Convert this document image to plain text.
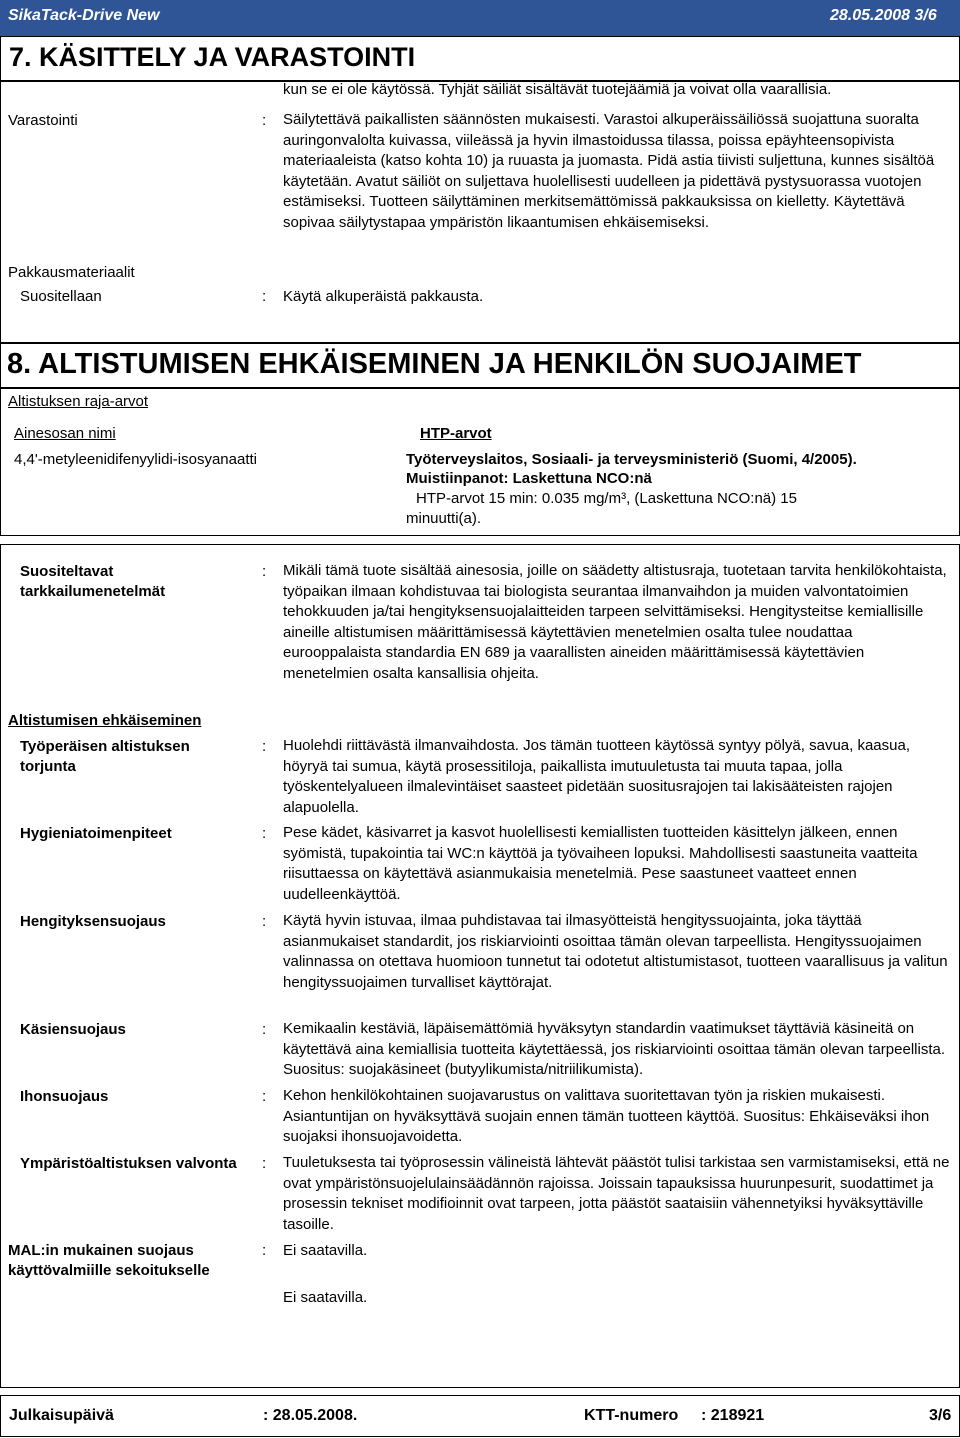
SikaTack-Drive New	28.05.2008 3/6
7. KÄSITTELY JA VARASTOINTI
kun se ei ole käytössä. Tyhjät säiliät sisältävät tuotejäämiä ja voivat olla vaarallisia.
Varastointi	: Säilytettävä paikallisten säännösten mukaisesti. Varastoi alkuperäissäiliössä suojattuna suoralta auringonvalolta kuivassa, viileässä ja hyvin ilmastoidussa tilassa, poissa epäyhteensopivista materiaaleista (katso kohta 10) ja ruuasta ja juomasta. Pidä astia tiivisti suljettuna, kunnes sisältöä käytetään. Avatut säiliöt on suljettava huolellisesti uudelleen ja pidettävä pystysuorassa vuotojen estämiseksi. Tuotteen säilyttäminen merkitsemättömissä pakkauksissa on kielletty. Käytettävä sopivaa säilytystapaa ympäristön likaantumisen ehkäisemiseksi.
Pakkausmateriaalit
Suositellaan	: Käytä alkuperäistä pakkausta.
8. ALTISTUMISEN EHKÄISEMINEN JA HENKILÖN SUOJAIMET
Altistuksen raja-arvot
Ainesosan nimi	HTP-arvot
4,4'-metyleenidifenyylidi-isosyanaatti	Työterveyslaitos, Sosiaali- ja terveysministeriö (Suomi, 4/2005).
Muistiinpanot: Laskettuna NCO:nä
HTP-arvot 15 min: 0.035 mg/m³, (Laskettuna NCO:nä) 15 minuutti(a).
Suositeltavat tarkkailumenetelmät
: Mikäli tämä tuote sisältää ainesosia, joille on säädetty altistusraja, tuotetaan tarvita henkilökohtaista, työpaikan ilmaan kohdistuvaa tai biologista seurantaa ilmanvaihdon ja muiden valvontatoimien tehokkuuden ja/tai hengityksensuojalaitteiden tarpeen selvittämiseksi. Hengitysteitse kemiallisille aineille altistumisen määrittämisessä käytettävien menetelmien osalta tulee noudattaa eurooppalaista standardia EN 689 ja vaarallisten aineiden määrittämisessä käytettävien menetelmien osalta kansallisia ohjeita.
Altistumisen ehkäiseminen
Työperäisen altistuksen torjunta
: Huolehdi riittävästä ilmanvaihdosta. Jos tämän tuotteen käytössä syntyy pölyä, savua, kaasua, höyryä tai sumua, käytä prosessitiloja, paikallista imutuuletusta tai muuta tapaa, jolla työskentelyalueen ilmalevintäiset saasteet pidetään suositusrajojen tai lakisääteisten rajojen alapuolella.
Hygieniatoimenpiteet	: Pese kädet, käsivarret ja kasvot huolellisesti kemiallisten tuotteiden käsittelyn jälkeen, ennen syömistä, tupakointia tai WC:n käyttöä ja työvaiheen lopuksi. Mahdollisesti saastuneita vaatteita riisuttaessa on käytettävä asianmukaisia menetelmiä. Pese saastuneet vaatteet ennen uudelleenkäyttöä.
Hengityksensuojaus	: Käytä hyvin istuvaa, ilmaa puhdistavaa tai ilmasyötteistä hengityssuojainta, joka täyttää asianmukaiset standardit, jos riskiarviointi osoittaa tämän olevan tarpeellista. Hengityssuojaimen valinnassa on otettava huomioon tunnetut tai odotetut altistumistasot, tuotteen vaarallisuus ja valitun hengityssuojaimen turvalliset käyttörajat.
Käsiensuojaus	: Kemikaalin kestäviä, läpäisemättömiä hyväksytyn standardin vaatimukset täyttäviä käsineitä on käytettävä aina kemiallisia tuotteita käytettäessä, jos riskiarviointi osoittaa tämän olevan tarpeellista. Suositus: suojakäsineet (butyylikumista/nitriilikumista).
Ihonsuojaus	: Kehon henkilökohtainen suojavarustus on valittava suoritettavan työn ja riskien mukaisesti. Asiantuntijan on hyväksyttävä suojain ennen tämän tuotteen käyttöä. Suositus: Ehkäiseväksi ihon suojaksi ihonsuojavoidetta.
Ympäristöaltistuksen valvonta : Tuuletuksesta tai työprosessin välineistä lähtevät päästöt tulisi tarkistaa sen varmistamiseksi, että ne ovat ympäristönsuojelulainsäädännön rajoissa. Joissain tapauksissa huurunpesurit, suodattimet ja prosessin tekniset modifioinnit ovat tarpeen, jotta päästöt saataisiin vähennetyiksi hyväksyttäville tasoille.
MAL:in mukainen suojaus käyttövalmiille sekoitukselle
: Ei saatavilla.
Ei saatavilla.
Julkaisupäivä	: 28.05.2008.	KTT-numero : 218921	3/6
